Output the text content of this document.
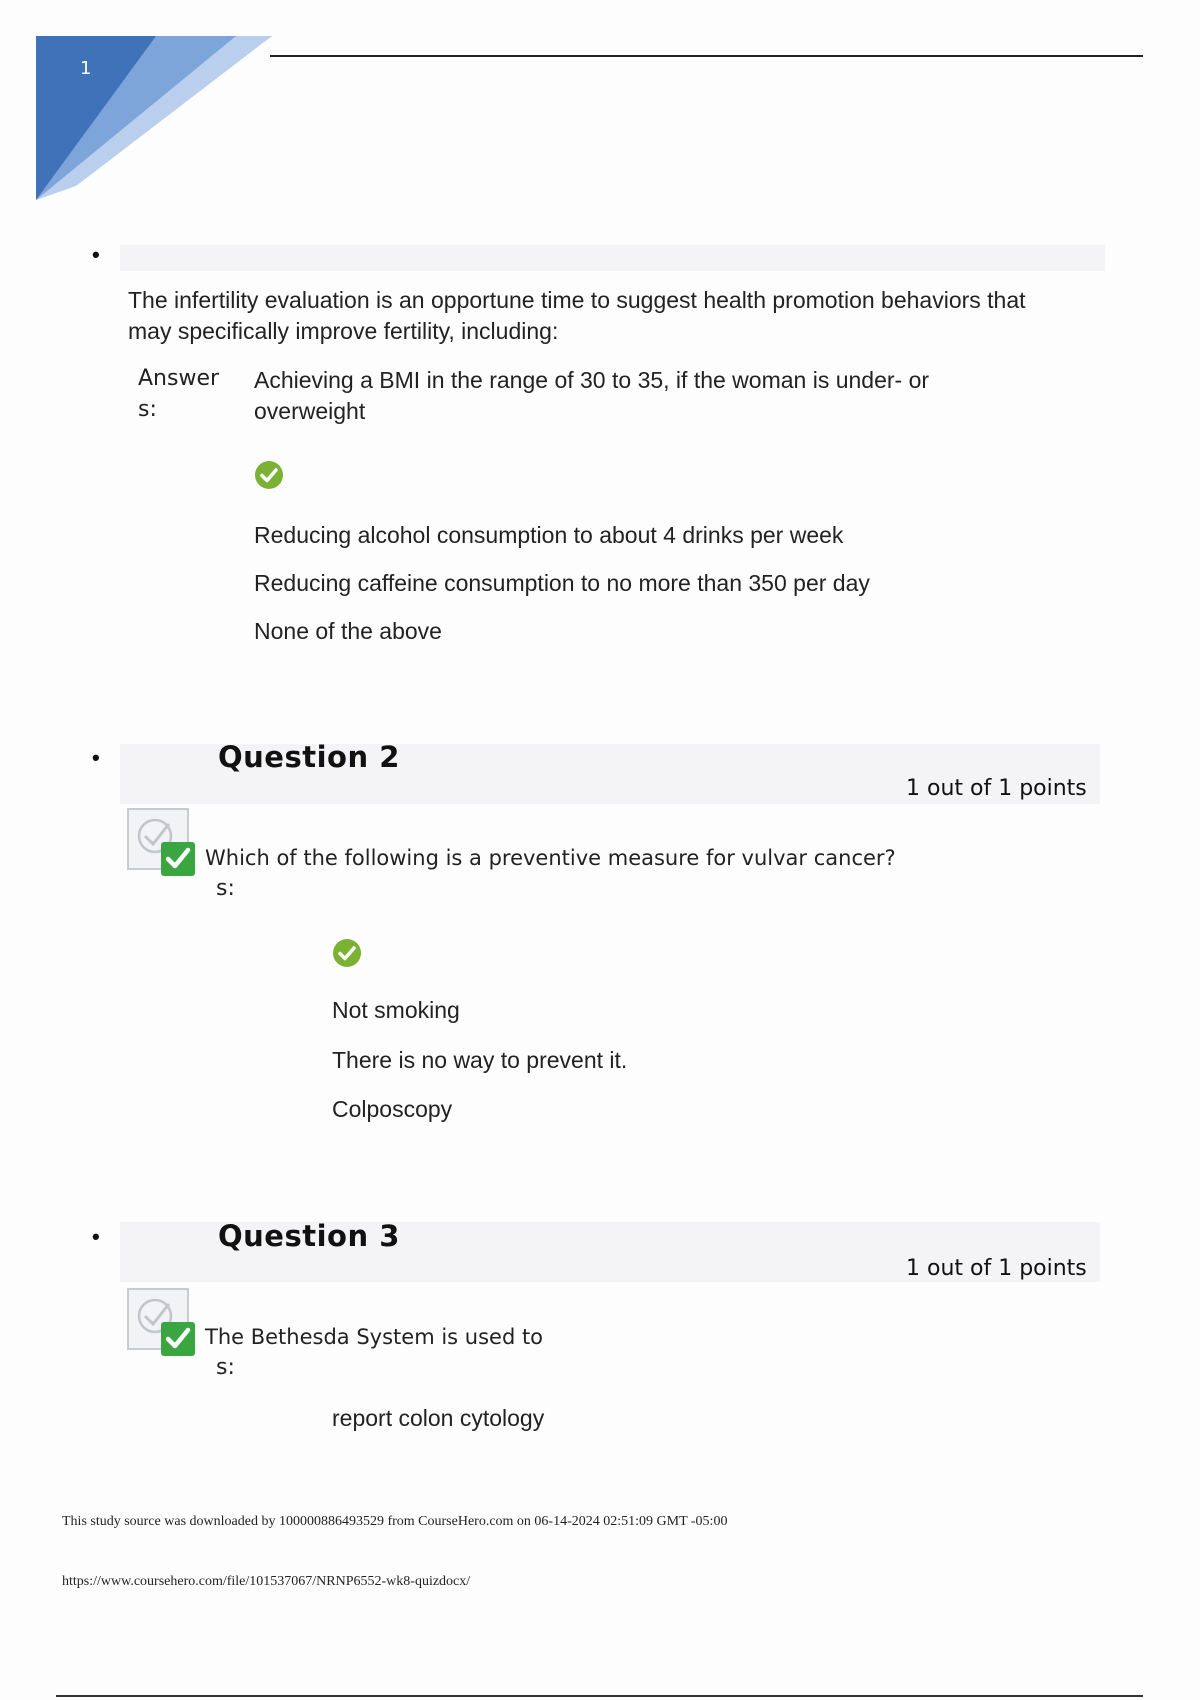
1
•
The infertility evaluation is an opportune time to suggest health promotion behaviors that may specifically improve fertility, including:
Answer s:
Achieving a BMI in the range of 30 to 35, if the woman is under- or overweight
Reducing alcohol consumption to about 4 drinks per week
Reducing caffeine consumption to no more than 350 per day
None of the above
•	Question 2
1 out of 1 points
Which of the following is a preventive measure for vulvar cancer?
s:
Not smoking
There is no way to prevent it.
Colposcopy
•	Question 3
1 out of 1 points
The Bethesda System is used to
s:
report colon cytology
This study source was downloaded by 100000886493529 from CourseHero.com on 06-14-2024 02:51:09 GMT -05:00
https://www.coursehero.com/file/101537067/NRNP6552-wk8-quizdocx/
